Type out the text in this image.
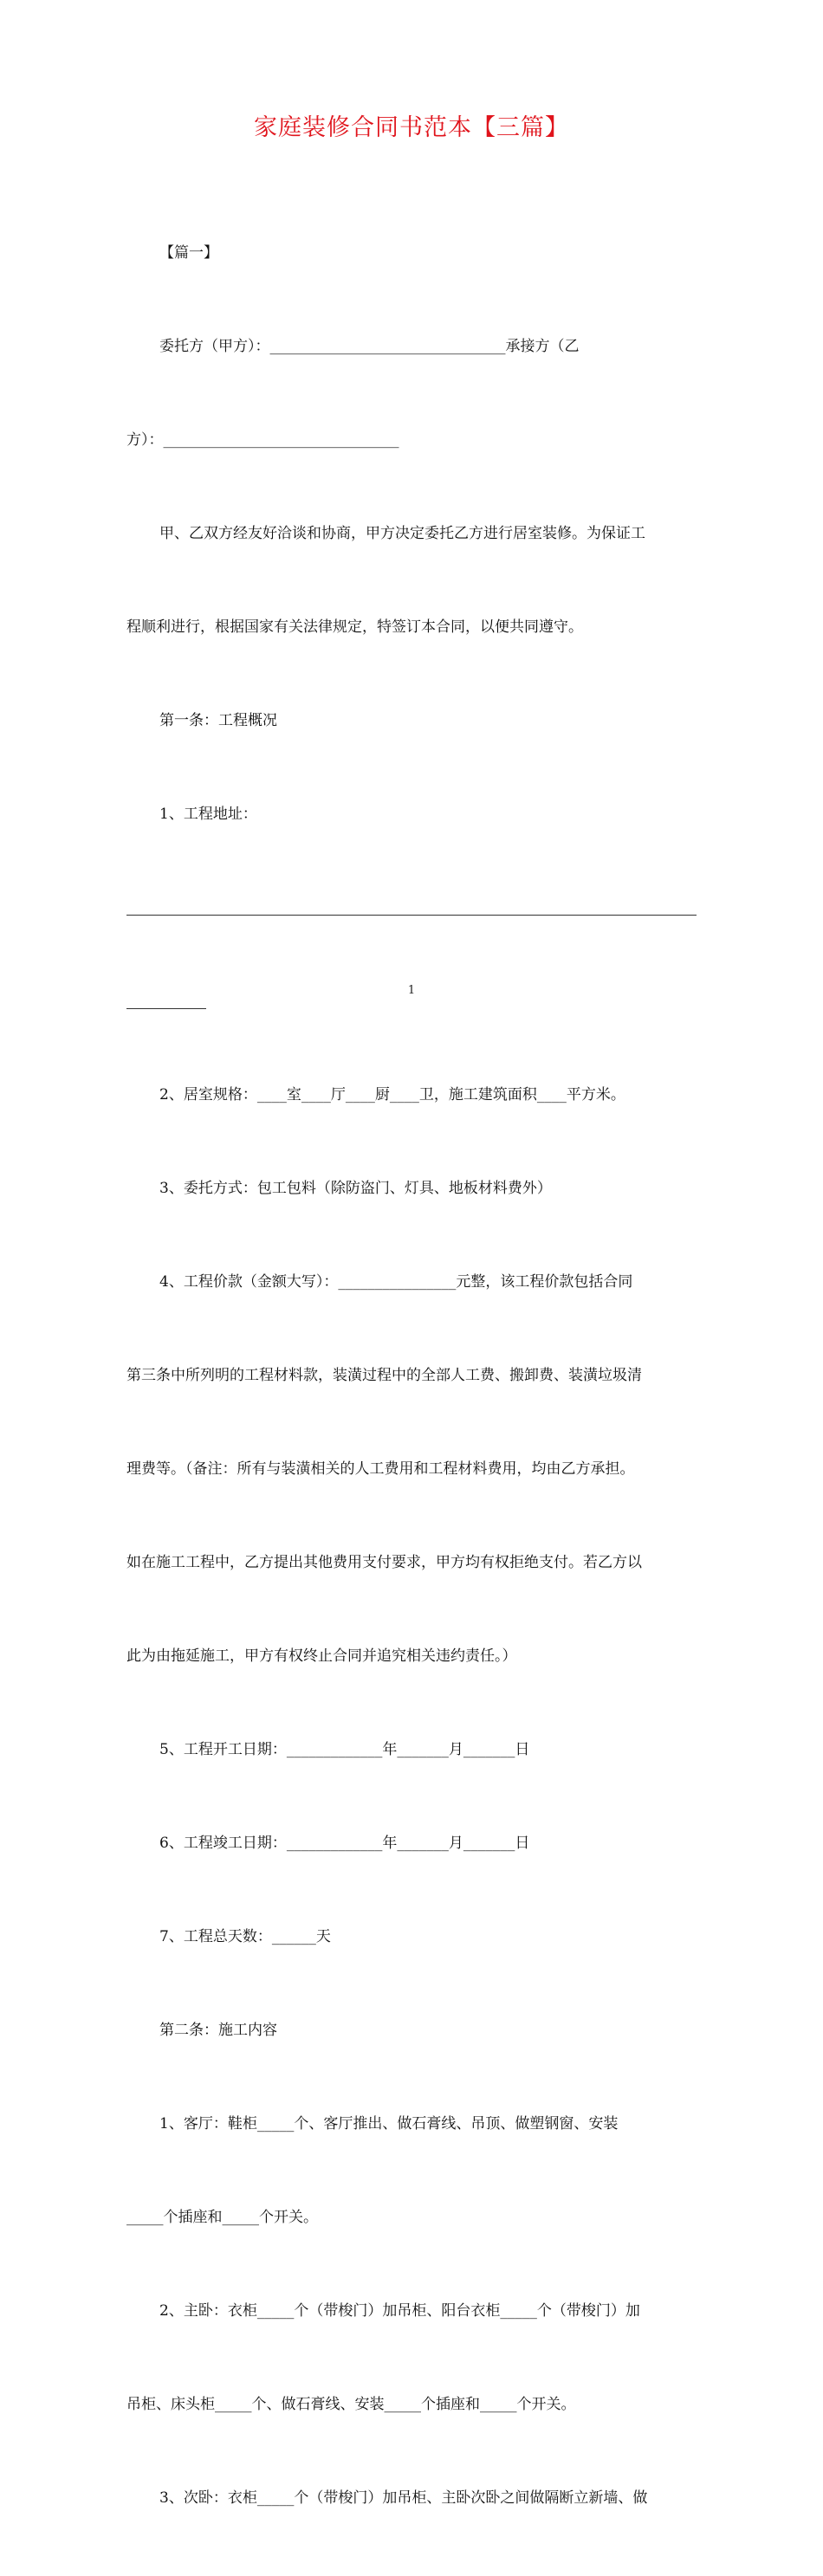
家庭装修合同书范本【三篇】

【篇一】

委托方（甲方）：________________________________承接方（乙

方）：________________________________

甲、乙双方经友好洽谈和协商，甲方决定委托乙方进行居室装修。为保证工

程顺利进行，根据国家有关法律规定，特签订本合同，以便共同遵守。

第一条：工程概况

1、工程地址：

2、居室规格：____室____厅____厨____卫，施工建筑面积____平方米。

3、委托方式：包工包料（除防盗门、灯具、地板材料费外）

4、工程价款（金额大写）：________________元整，该工程价款包括合同

第三条中所列明的工程材料款，装潢过程中的全部人工费、搬卸费、装潢垃圾清

理费等。（备注：所有与装潢相关的人工费用和工程材料费用，均由乙方承担。

如在施工工程中，乙方提出其他费用支付要求，甲方均有权拒绝支付。若乙方以

此为由拖延施工，甲方有权终止合同并追究相关违约责任。）

5、工程开工日期：_____________年_______月_______日

6、工程竣工日期：_____________年_______月_______日

7、工程总天数：______天

第二条：施工内容

1、客厅：鞋柜_____个、客厅推出、做石膏线、吊顶、做塑钢窗、安装

_____个插座和_____个开关。

2、主卧：衣柜_____个（带梭门）加吊柜、阳台衣柜_____个（带梭门）加

吊柜、床头柜_____个、做石膏线、安装_____个插座和_____个开关。

3、次卧：衣柜_____个（带梭门）加吊柜、主卧次卧之间做隔断立新墙、做

1
